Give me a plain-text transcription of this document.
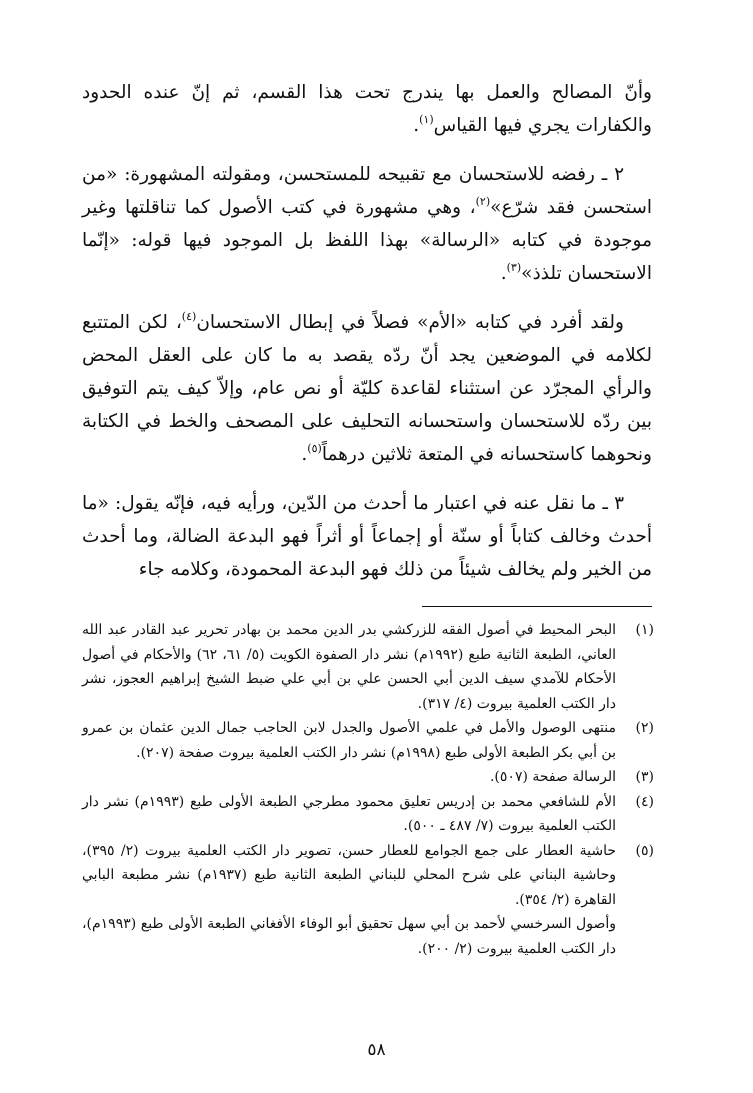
وأنّ المصالح والعمل بها يندرج تحت هذا القسم، ثم إنّ عنده الحدود والكفارات يجري فيها القياس$^{(١)}$.

٢ ـ رفضه للاستحسان مع تقبيحه للمستحسن، ومقولته المشهورة: «من استحسن فقد شرّع»$^{(٢)}$، وهي مشهورة في كتب الأصول كما تناقلتها وغير موجودة في كتابه «الرسالة» بهذا اللفظ بل الموجود فيها قوله: «إنّما الاستحسان تلذذ»$^{(٣)}$.

ولقد أفرد في كتابه «الأم» فصلاً في إبطال الاستحسان$^{(٤)}$، لكن المتتبع لكلامه في الموضعين يجد أنّ ردّه يقصد به ما كان على العقل المحض والرأي المجرّد عن استثناء لقاعدة كليّة أو نص عام، وإلاّ كيف يتم التوفيق بين ردّه للاستحسان واستحسانه التحليف على المصحف والخط في الكتابة ونحوهما كاستحسانه في المتعة ثلاثين درهماً$^{(٥)}$.

٣ ـ ما نقل عنه في اعتبار ما أحدث من الدّين، ورأيه فيه، فإنّه يقول: «ما أحدث وخالف كتاباً أو سنّة أو إجماعاً أو أثراً فهو البدعة الضالة، وما أحدث من الخير ولم يخالف شيئاً من ذلك فهو البدعة المحمودة، وكلامه جاء

(١)
البحر المحيط في أصول الفقه للزركشي بدر الدين محمد بن بهادر تحرير عبد القادر عبد الله العاني، الطبعة الثانية طبع (١٩٩٢م) نشر دار الصفوة الكويت (٥/ ٦١، ٦٢) والأحكام في أصول الأحكام للآمدي سيف الدين أبي الحسن علي بن أبي علي ضبط الشيخ إبراهيم العجوز، نشر دار الكتب العلمية بيروت (٤/ ٣١٧).
(٢)
منتهى الوصول والأمل في علمي الأصول والجدل لابن الحاجب جمال الدين عثمان بن عمرو بن أبي بكر الطبعة الأولى طبع (١٩٩٨م) نشر دار الكتب العلمية بيروت صفحة (٢٠٧).
(٣)
الرسالة صفحة (٥٠٧).
(٤)
الأم للشافعي محمد بن إدريس تعليق محمود مطرجي الطبعة الأولى طبع (١٩٩٣م) نشر دار الكتب العلمية بيروت (٧/ ٤٨٧ ـ ٥٠٠).
(٥)
حاشية العطار على جمع الجوامع للعطار حسن، تصوير دار الكتب العلمية بيروت (٢/ ٣٩٥)، وحاشية البناني على شرح المحلي للبناني الطبعة الثانية طبع (١٩٣٧م) نشر مطبعة البابي القاهرة (٢/ ٣٥٤).
وأصول السرخسي لأحمد بن أبي سهل تحقيق أبو الوفاء الأفغاني الطبعة الأولى طبع (١٩٩٣م)، دار الكتب العلمية بيروت (٢/ ٢٠٠).
٥٨
